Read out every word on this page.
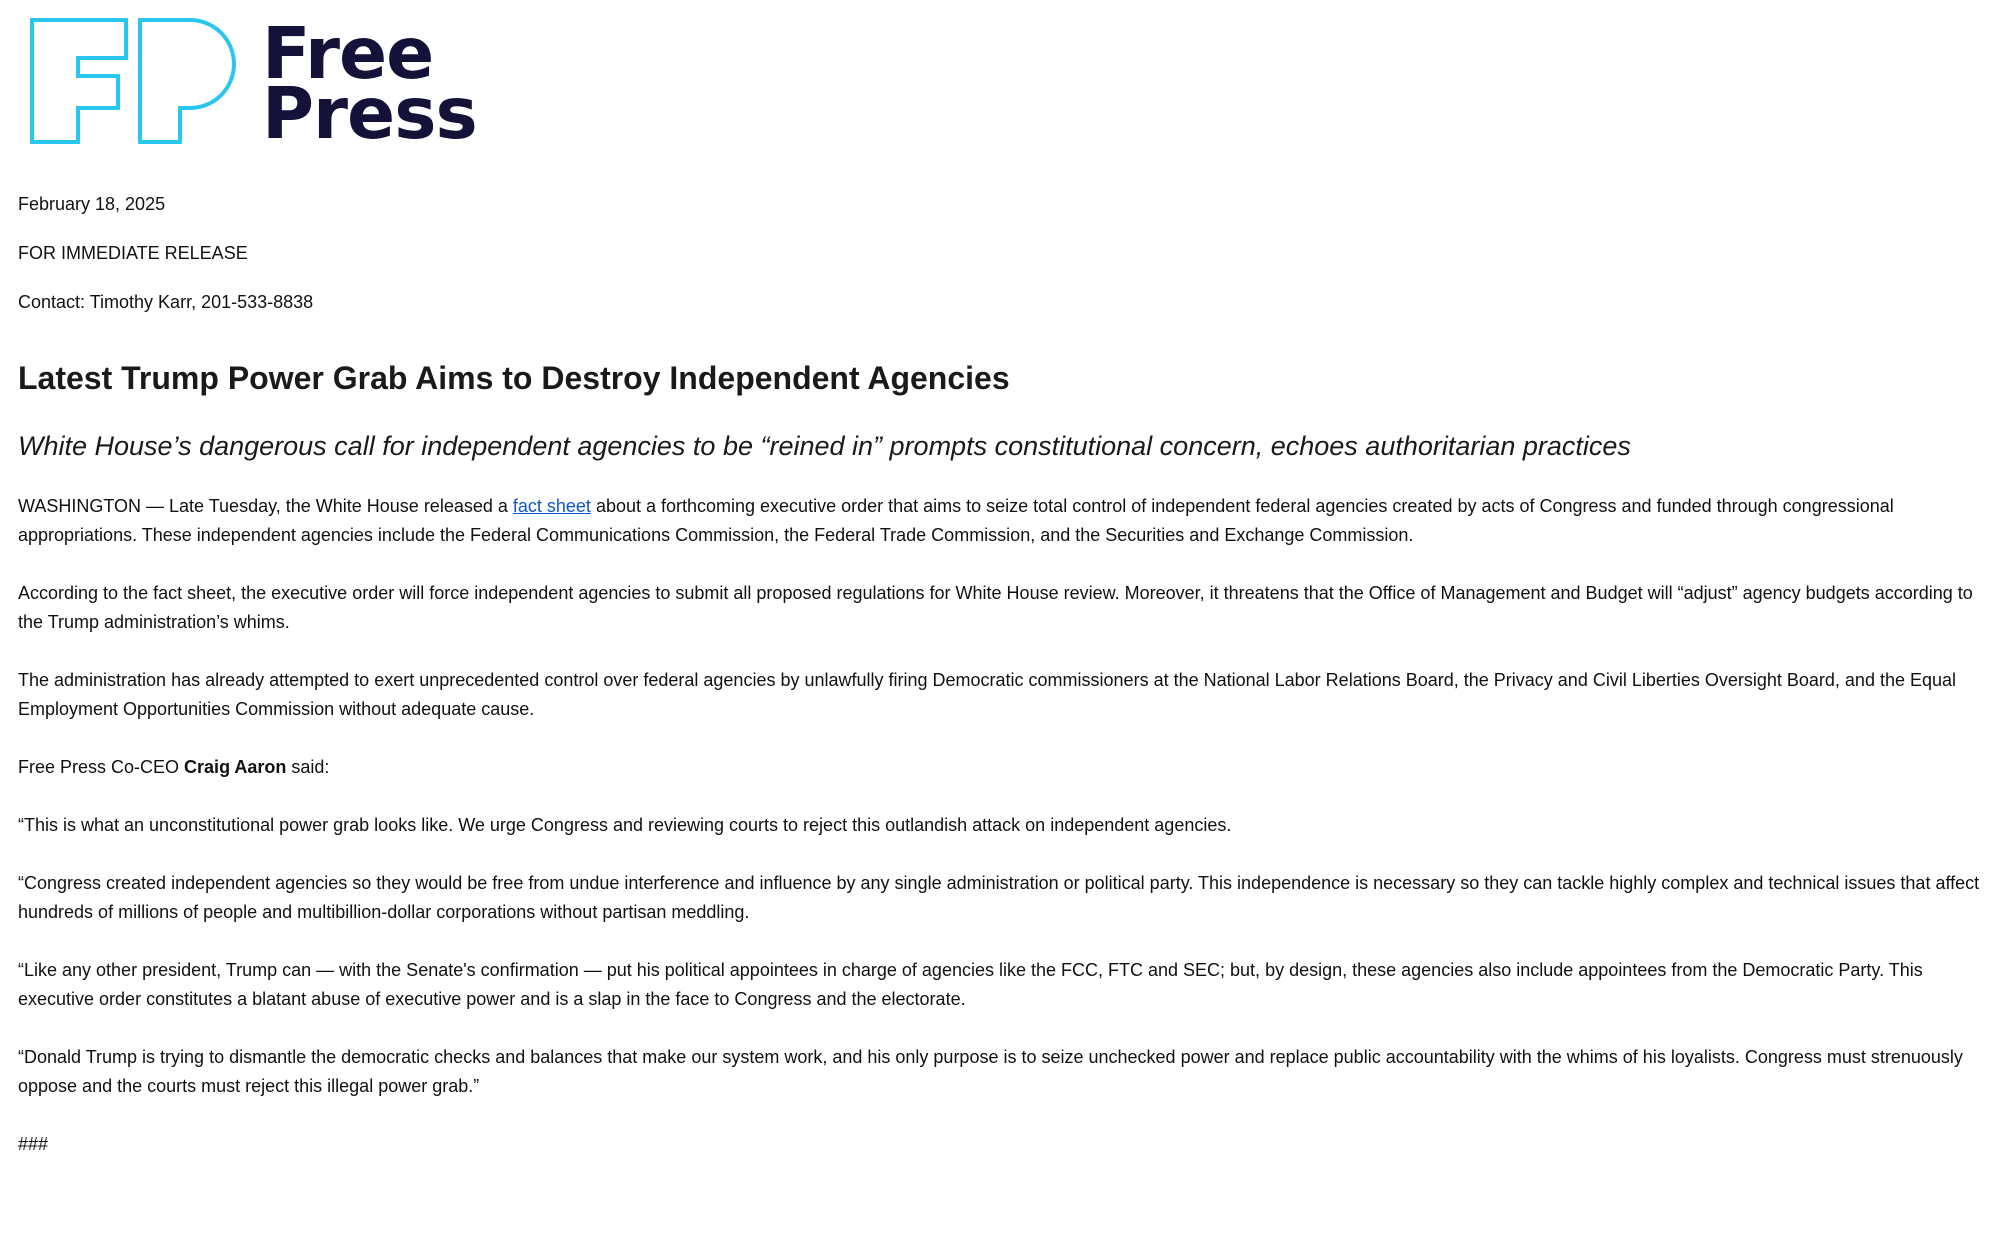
Free
Press

February 18, 2025

FOR IMMEDIATE RELEASE

Contact: Timothy Karr, 201-533-8838

Latest Trump Power Grab Aims to Destroy Independent Agencies
White House’s dangerous call for independent agencies to be “reined in” prompts constitutional concern, echoes authoritarian practices

WASHINGTON — Late Tuesday, the White House released a fact sheet about a forthcoming executive order that aims to seize total control of independent federal agencies created by acts of Congress and funded through congressional appropriations. These independent agencies include the Federal Communications Commission, the Federal Trade Commission, and the Securities and Exchange Commission.

According to the fact sheet, the executive order will force independent agencies to submit all proposed regulations for White House review. Moreover, it threatens that the Office of Management and Budget will “adjust” agency budgets according to the Trump administration’s whims.

The administration has already attempted to exert unprecedented control over federal agencies by unlawfully firing Democratic commissioners at the National Labor Relations Board, the Privacy and Civil Liberties Oversight Board, and the Equal Employment Opportunities Commission without adequate cause.

Free Press Co-CEO Craig Aaron said:

“This is what an unconstitutional power grab looks like. We urge Congress and reviewing courts to reject this outlandish attack on independent agencies.

“Congress created independent agencies so they would be free from undue interference and influence by any single administration or political party. This independence is necessary so they can tackle highly complex and technical issues that affect hundreds of millions of people and multibillion-dollar corporations without partisan meddling.

“Like any other president, Trump can — with the Senate's confirmation — put his political appointees in charge of agencies like the FCC, FTC and SEC; but, by design, these agencies also include appointees from the Democratic Party. This executive order constitutes a blatant abuse of executive power and is a slap in the face to Congress and the electorate.

“Donald Trump is trying to dismantle the democratic checks and balances that make our system work, and his only purpose is to seize unchecked power and replace public accountability with the whims of his loyalists. Congress must strenuously oppose and the courts must reject this illegal power grab.”

###
